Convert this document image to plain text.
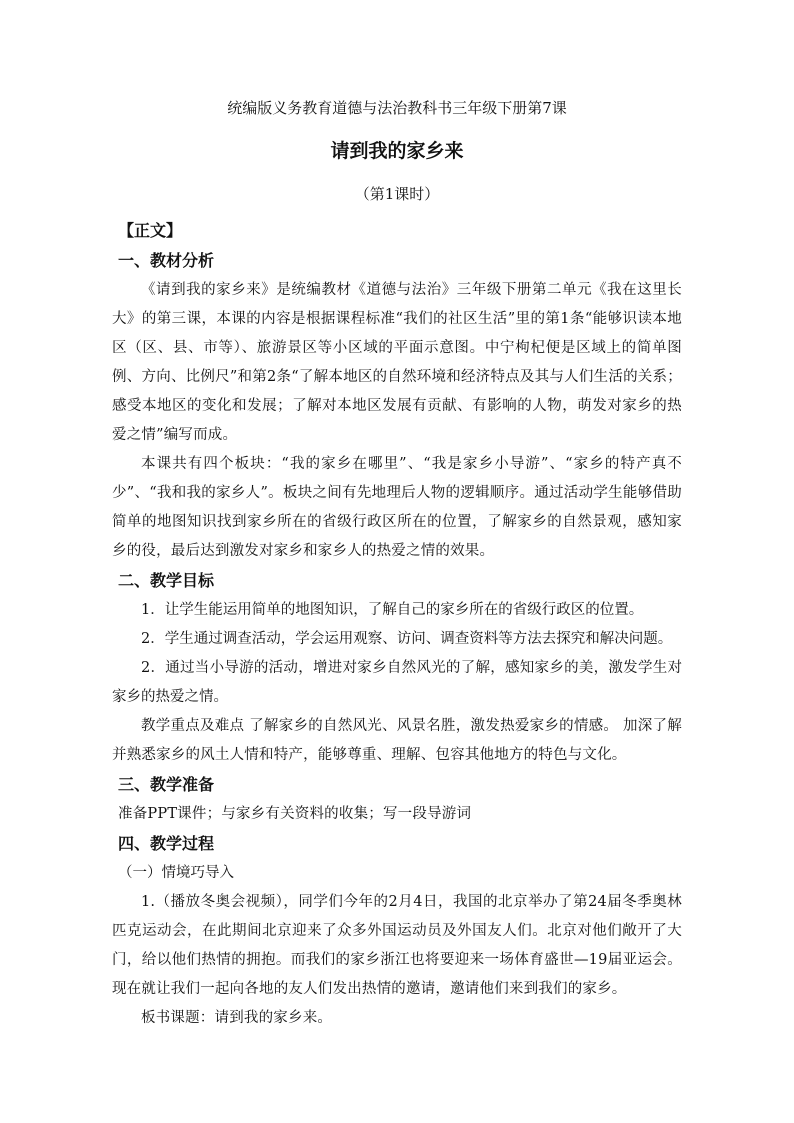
统编版义务教育道德与法治教科书三年级下册第7课

请到我的家乡来

（第1课时）

【正文】

一、教材分析

《请到我的家乡来》是统编教材《道德与法治》三年级下册第二单元《我在这里长大》的第三课，本课的内容是根据课程标准“我们的社区生活”里的第1条“能够识读本地区（区、县、市等）、旅游景区等小区域的平面示意图。中宁枸杞便是区域上的简单图例、方向、比例尺”和第2条“了解本地区的自然环境和经济特点及其与人们生活的关系；感受本地区的变化和发展；了解对本地区发展有贡献、有影响的人物，萌发对家乡的热爱之情”编写而成。

本课共有四个板块：“我的家乡在哪里”、“我是家乡小导游”、“家乡的特产真不少”、“我和我的家乡人”。板块之间有先地理后人物的逻辑顺序。通过活动学生能够借助简单的地图知识找到家乡所在的省级行政区所在的位置，了解家乡的自然景观，感知家乡的役，最后达到激发对家乡和家乡人的热爱之情的效果。

二、教学目标

1．让学生能运用简单的地图知识，了解自己的家乡所在的省级行政区的位置。

2．学生通过调查活动，学会运用观察、访问、调查资料等方法去探究和解决问题。

2．通过当小导游的活动，增进对家乡自然风光的了解，感知家乡的美，激发学生对家乡的热爱之情。

教学重点及难点 了解家乡的自然风光、风景名胜，激发热爱家乡的情感。 加深了解并熟悉家乡的风土人情和特产，能够尊重、理解、包容其他地方的特色与文化。

三、教学准备

准备PPT课件；与家乡有关资料的收集；写一段导游词

四、教学过程

（一）情境巧导入

1.（播放冬奥会视频），同学们今年的2月4日，我国的北京举办了第24届冬季奥林匹克运动会，在此期间北京迎来了众多外国运动员及外国友人们。北京对他们敞开了大门，给以他们热情的拥抱。而我们的家乡浙江也将要迎来一场体育盛世—19届亚运会。现在就让我们一起向各地的友人们发出热情的邀请，邀请他们来到我们的家乡。

板书课题：请到我的家乡来。
